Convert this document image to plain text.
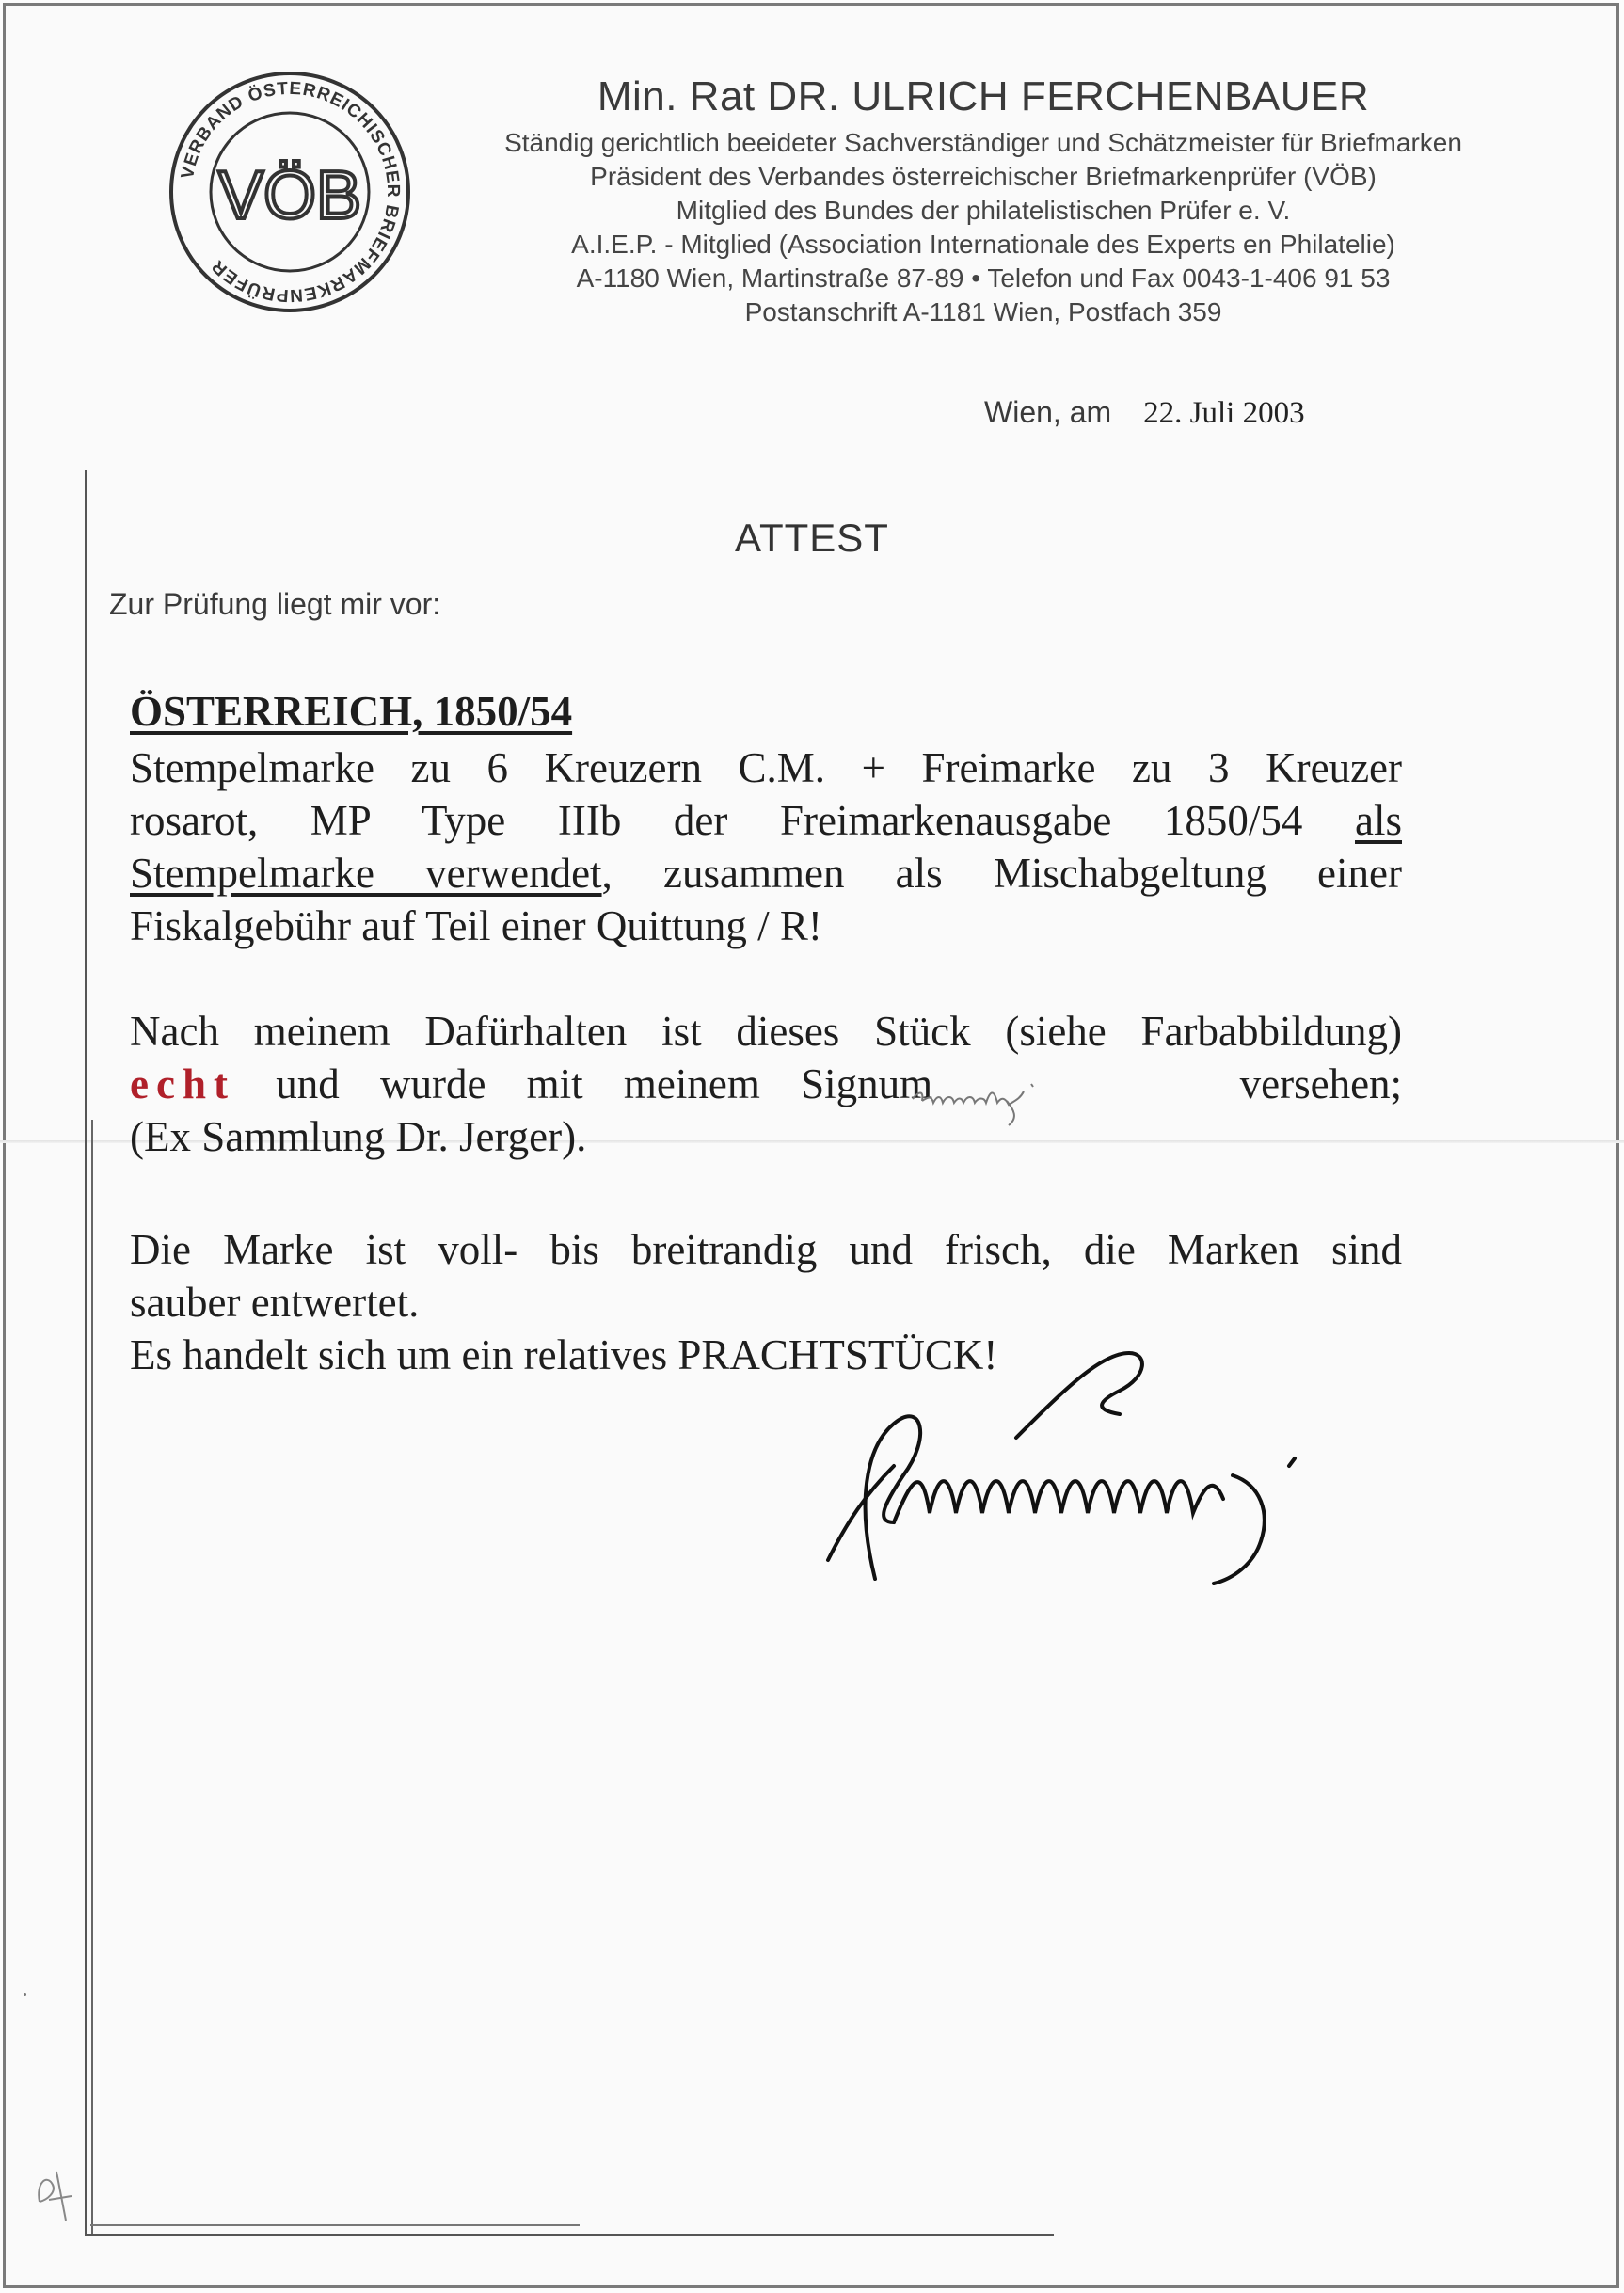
VERBAND ÖSTERREICHISCHER BRIEFMARKENPRÜFER
VÖB
Min. Rat DR. ULRICH FERCHENBAUER
Ständig gerichtlich beeideter Sachverständiger und Schätzmeister für Briefmarken
Präsident des Verbandes österreichischer Briefmarkenprüfer (VÖB)
Mitglied des Bundes der philatelistischen Prüfer e. V.
A.I.E.P. - Mitglied (Association Internationale des Experts en Philatelie)
A-1180 Wien, Martinstraße 87-89 • Telefon und Fax 0043-1-406 91 53
Postanschrift A-1181 Wien, Postfach 359
Wien, am 22. Juli 2003
ATTEST
Zur Prüfung liegt mir vor:
ÖSTERREICH, 1850/54
Stempelmarke zu 6 Kreuzern C.M. + Freimarke zu 3 Kreuzer
rosarot, MP Type IIIb der Freimarkenausgabe 1850/54 als
Stempelmarke verwendet, zusammen als Mischabgeltung einer
Fiskalgebühr auf Teil einer Quittung / R!
Nach meinem Dafürhalten ist dieses Stück (siehe Farbabbildung)
echt und wurde mit meinem Signum	versehen;
(Ex Sammlung Dr. Jerger).
Die Marke ist voll- bis breitrandig und frisch, die Marken sind
sauber entwertet.
Es handelt sich um ein relatives PRACHTSTÜCK!
